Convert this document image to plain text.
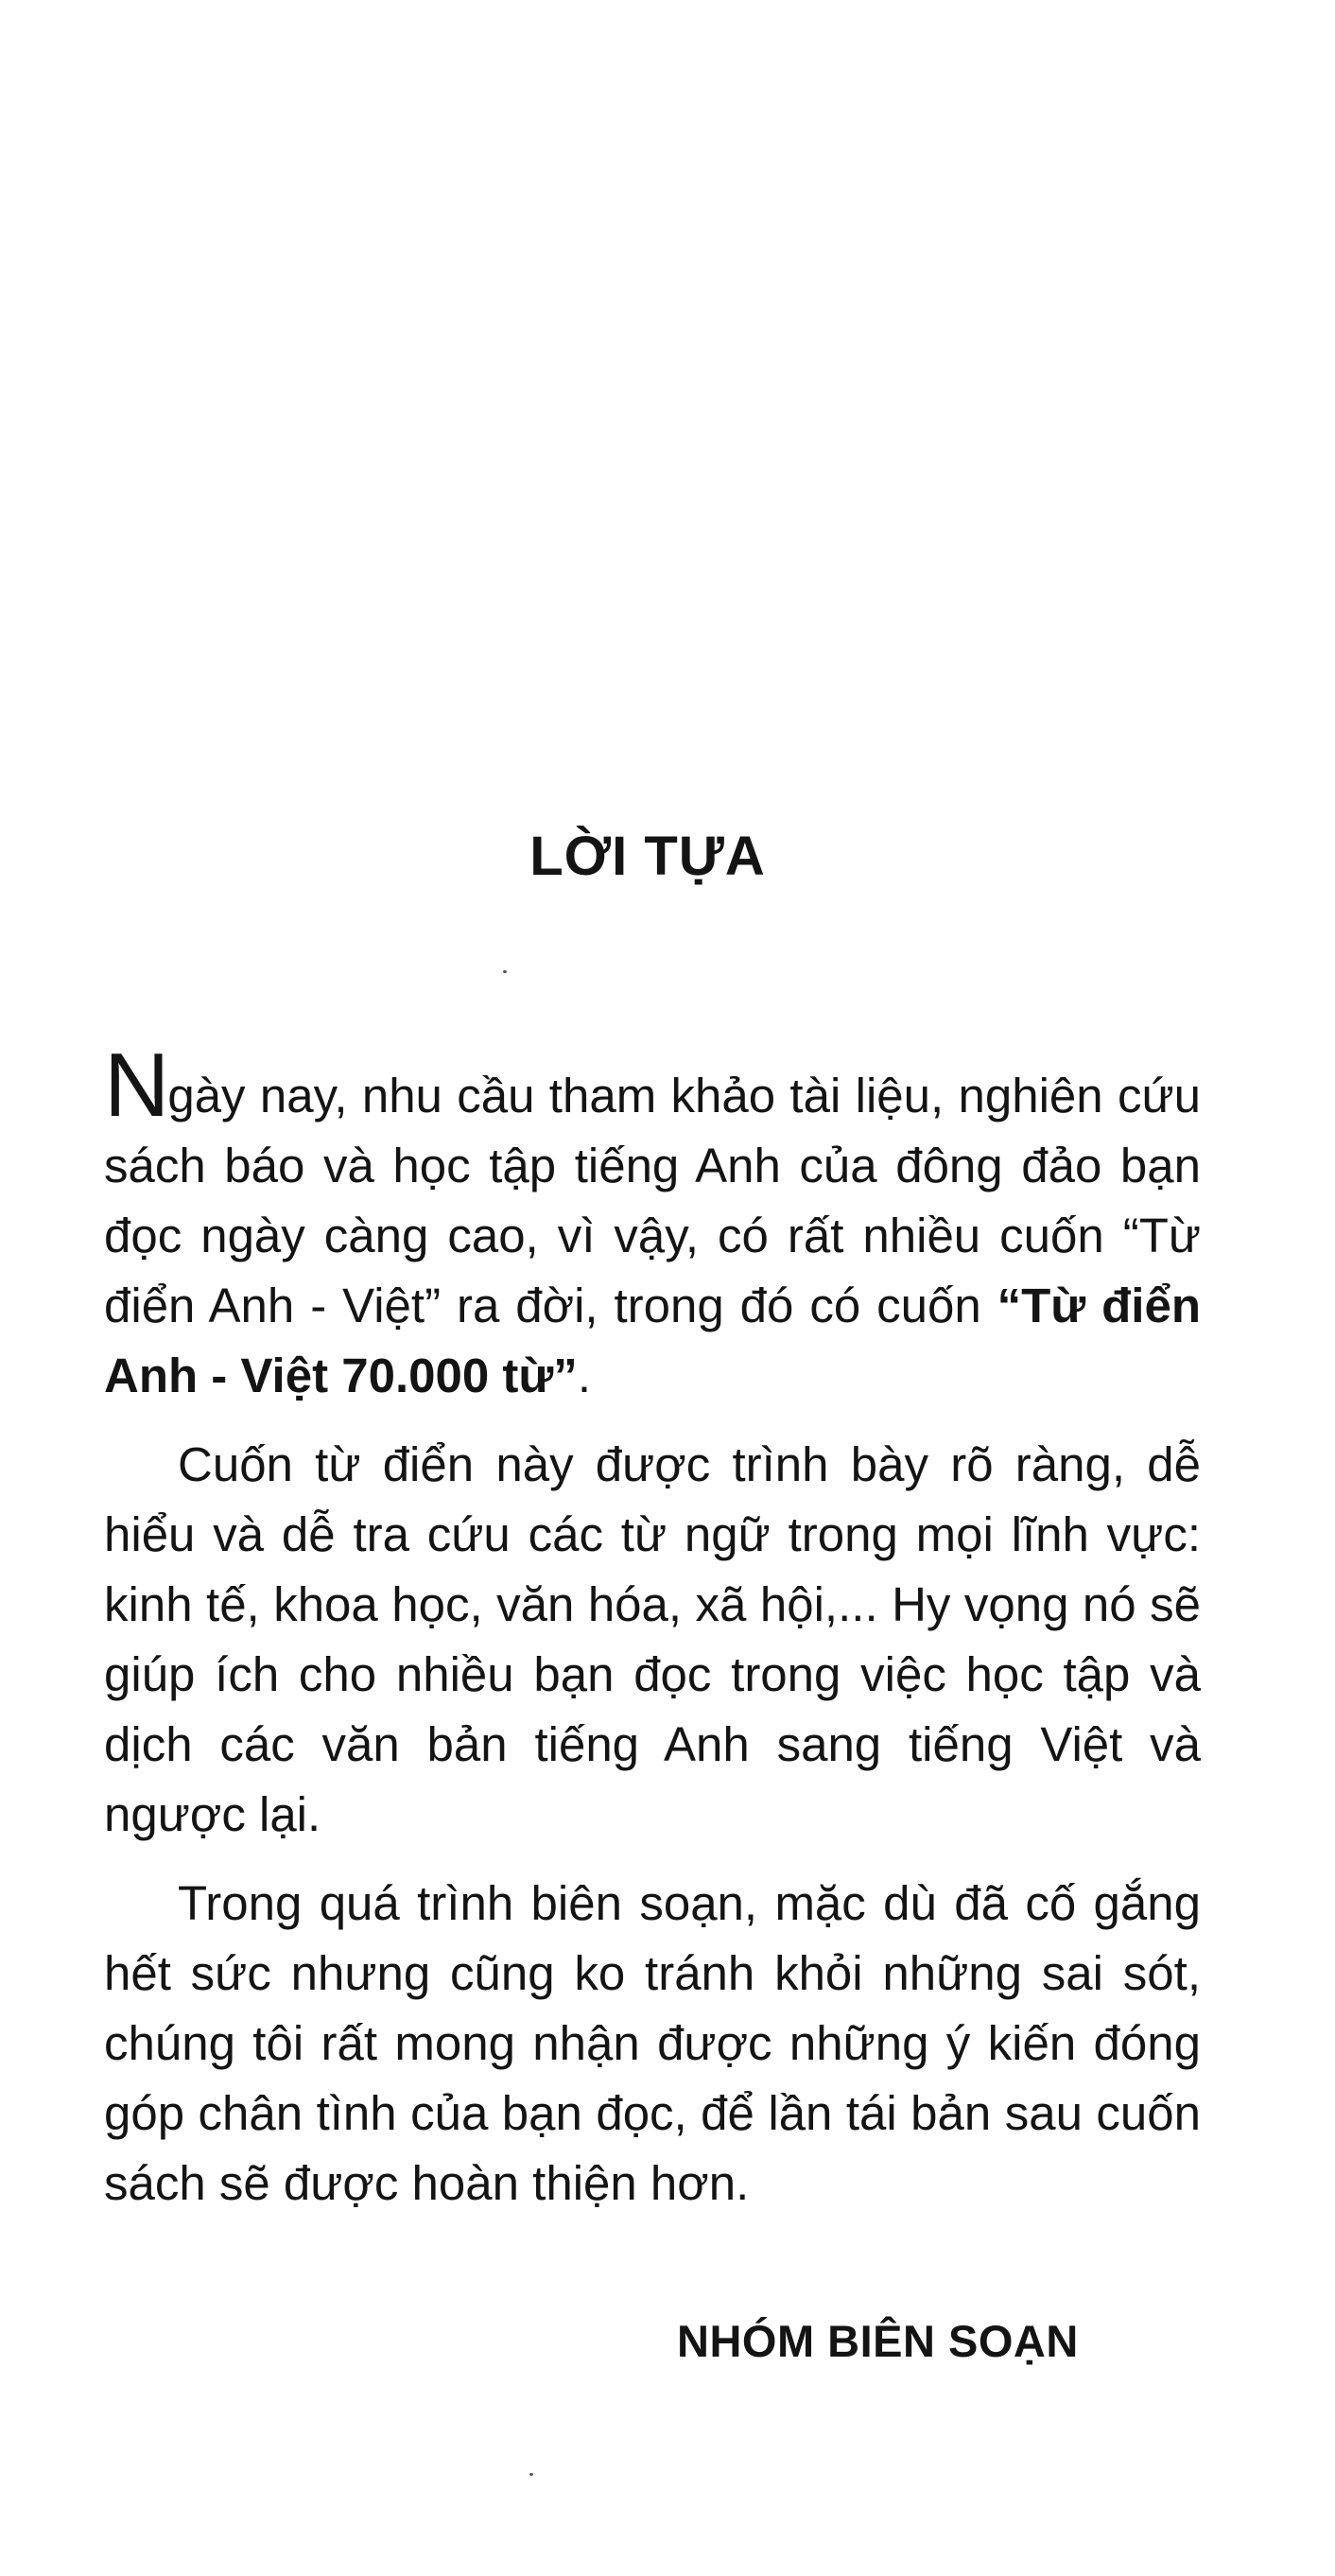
LỜI TỰA

Ngày nay, nhu cầu tham khảo tài liệu, nghiên cứu sách báo và học tập tiếng Anh của đông đảo bạn đọc ngày càng cao, vì vậy, có rất nhiều cuốn “Từ điển Anh - Việt” ra đời, trong đó có cuốn “Từ điển Anh - Việt 70.000 từ”.

Cuốn từ điển này được trình bày rõ ràng, dễ hiểu và dễ tra cứu các từ ngữ trong mọi lĩnh vực: kinh tế, khoa học, văn hóa, xã hội,... Hy vọng nó sẽ giúp ích cho nhiều bạn đọc trong việc học tập và dịch các văn bản tiếng Anh sang tiếng Việt và ngược lại.

Trong quá trình biên soạn, mặc dù đã cố gắng hết sức nhưng cũng ko tránh khỏi những sai sót, chúng tôi rất mong nhận được những ý kiến đóng góp chân tình của bạn đọc, để lần tái bản sau cuốn sách sẽ được hoàn thiện hơn.

NHÓM BIÊN SOẠN
